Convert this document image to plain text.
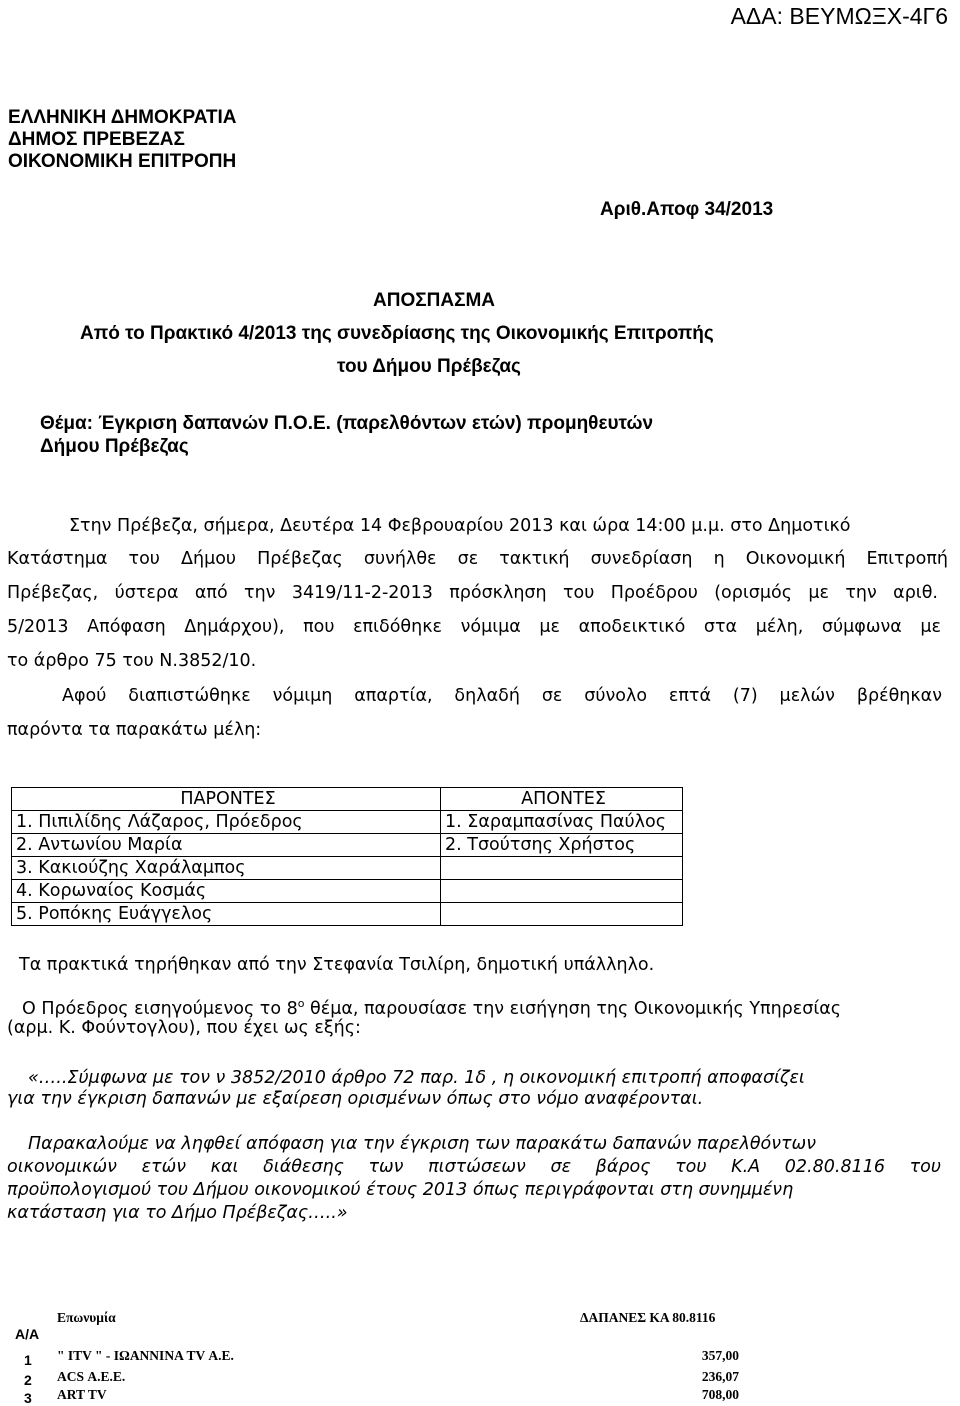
ΑΔΑ: ΒΕΥΜΩΞΧ-4Γ6
ΕΛΛΗΝΙΚΗ ΔΗΜΟΚΡΑΤΙΑ
ΔΗΜΟΣ ΠΡΕΒΕΖΑΣ
ΟΙΚΟΝΟΜΙΚΗ ΕΠΙΤΡΟΠΗ
Αριθ.Αποφ 34/2013
ΑΠΟΣΠΑΣΜΑ
Από το Πρακτικό 4/2013 της συνεδρίασης της Οικονομικής Επιτροπής
του Δήμου Πρέβεζας
Θέμα: Έγκριση δαπανών Π.Ο.Ε. (παρελθόντων ετών) προμηθευτών
Δήμου Πρέβεζας
Στην Πρέβεζα, σήμερα, Δευτέρα 14 Φεβρουαρίου 2013 και ώρα 14:00 μ.μ. στο Δημοτικό
Κατάστημα του Δήμου Πρέβεζας συνήλθε σε τακτική συνεδρίαση η Οικονομική Επιτροπή
Πρέβεζας, ύστερα από την 3419/11-2-2013 πρόσκληση του Προέδρου (ορισμός με την αριθ.
5/2013 Απόφαση Δημάρχου), που επιδόθηκε νόμιμα με αποδεικτικό στα μέλη, σύμφωνα με
το άρθρο 75 του Ν.3852/10.
Αφού διαπιστώθηκε νόμιμη απαρτία, δηλαδή σε σύνολο επτά (7) μελών βρέθηκαν
παρόντα τα παρακάτω μέλη:
ΠΑΡΟΝΤΕΣ	ΑΠΟΝΤΕΣ
1. Πιπιλίδης Λάζαρος, Πρόεδρος	1. Σαραμπασίνας Παύλος
2. Αντωνίου Μαρία	2. Τσούτσης Χρήστος
3. Κακιούζης Χαράλαμπος	
4. Κορωναίος Κοσμάς	
5. Ροπόκης Ευάγγελος	
Τα πρακτικά τηρήθηκαν από την Στεφανία Τσιλίρη, δημοτική υπάλληλο.
Ο Πρόεδρος εισηγούμενος το $8^o$ θέμα, παρουσίασε την εισήγηση της Οικονομικής Υπηρεσίας
(αρμ. Κ. Φούντογλου), που έχει ως εξής:
«…..Σύμφωνα με τον ν 3852/2010 άρθρο 72 παρ. 1δ , η οικονομική επιτροπή αποφασίζει
για την έγκριση δαπανών με εξαίρεση ορισμένων όπως στο νόμο αναφέρονται.
Παρακαλούμε να ληφθεί απόφαση για την έγκριση των παρακάτω δαπανών παρελθόντων
οικονομικών ετών και διάθεσης των πιστώσεων σε βάρος του Κ.Α 02.80.8116 του
προϋπολογισμού του Δήμου οικονομικού έτους 2013 όπως περιγράφονται στη συνημμένη
κατάσταση για το Δήμο Πρέβεζας…..»
Επωνυμία	ΔΑΠΑΝΕΣ ΚΑ 80.8116
Α/Α
1 " ITV " - ΙΩΑΝΝΙΝΑ TV Α.Ε.	357,00
2 ACS Α.Ε.Ε.	236,07
3 ART TV	708,00
